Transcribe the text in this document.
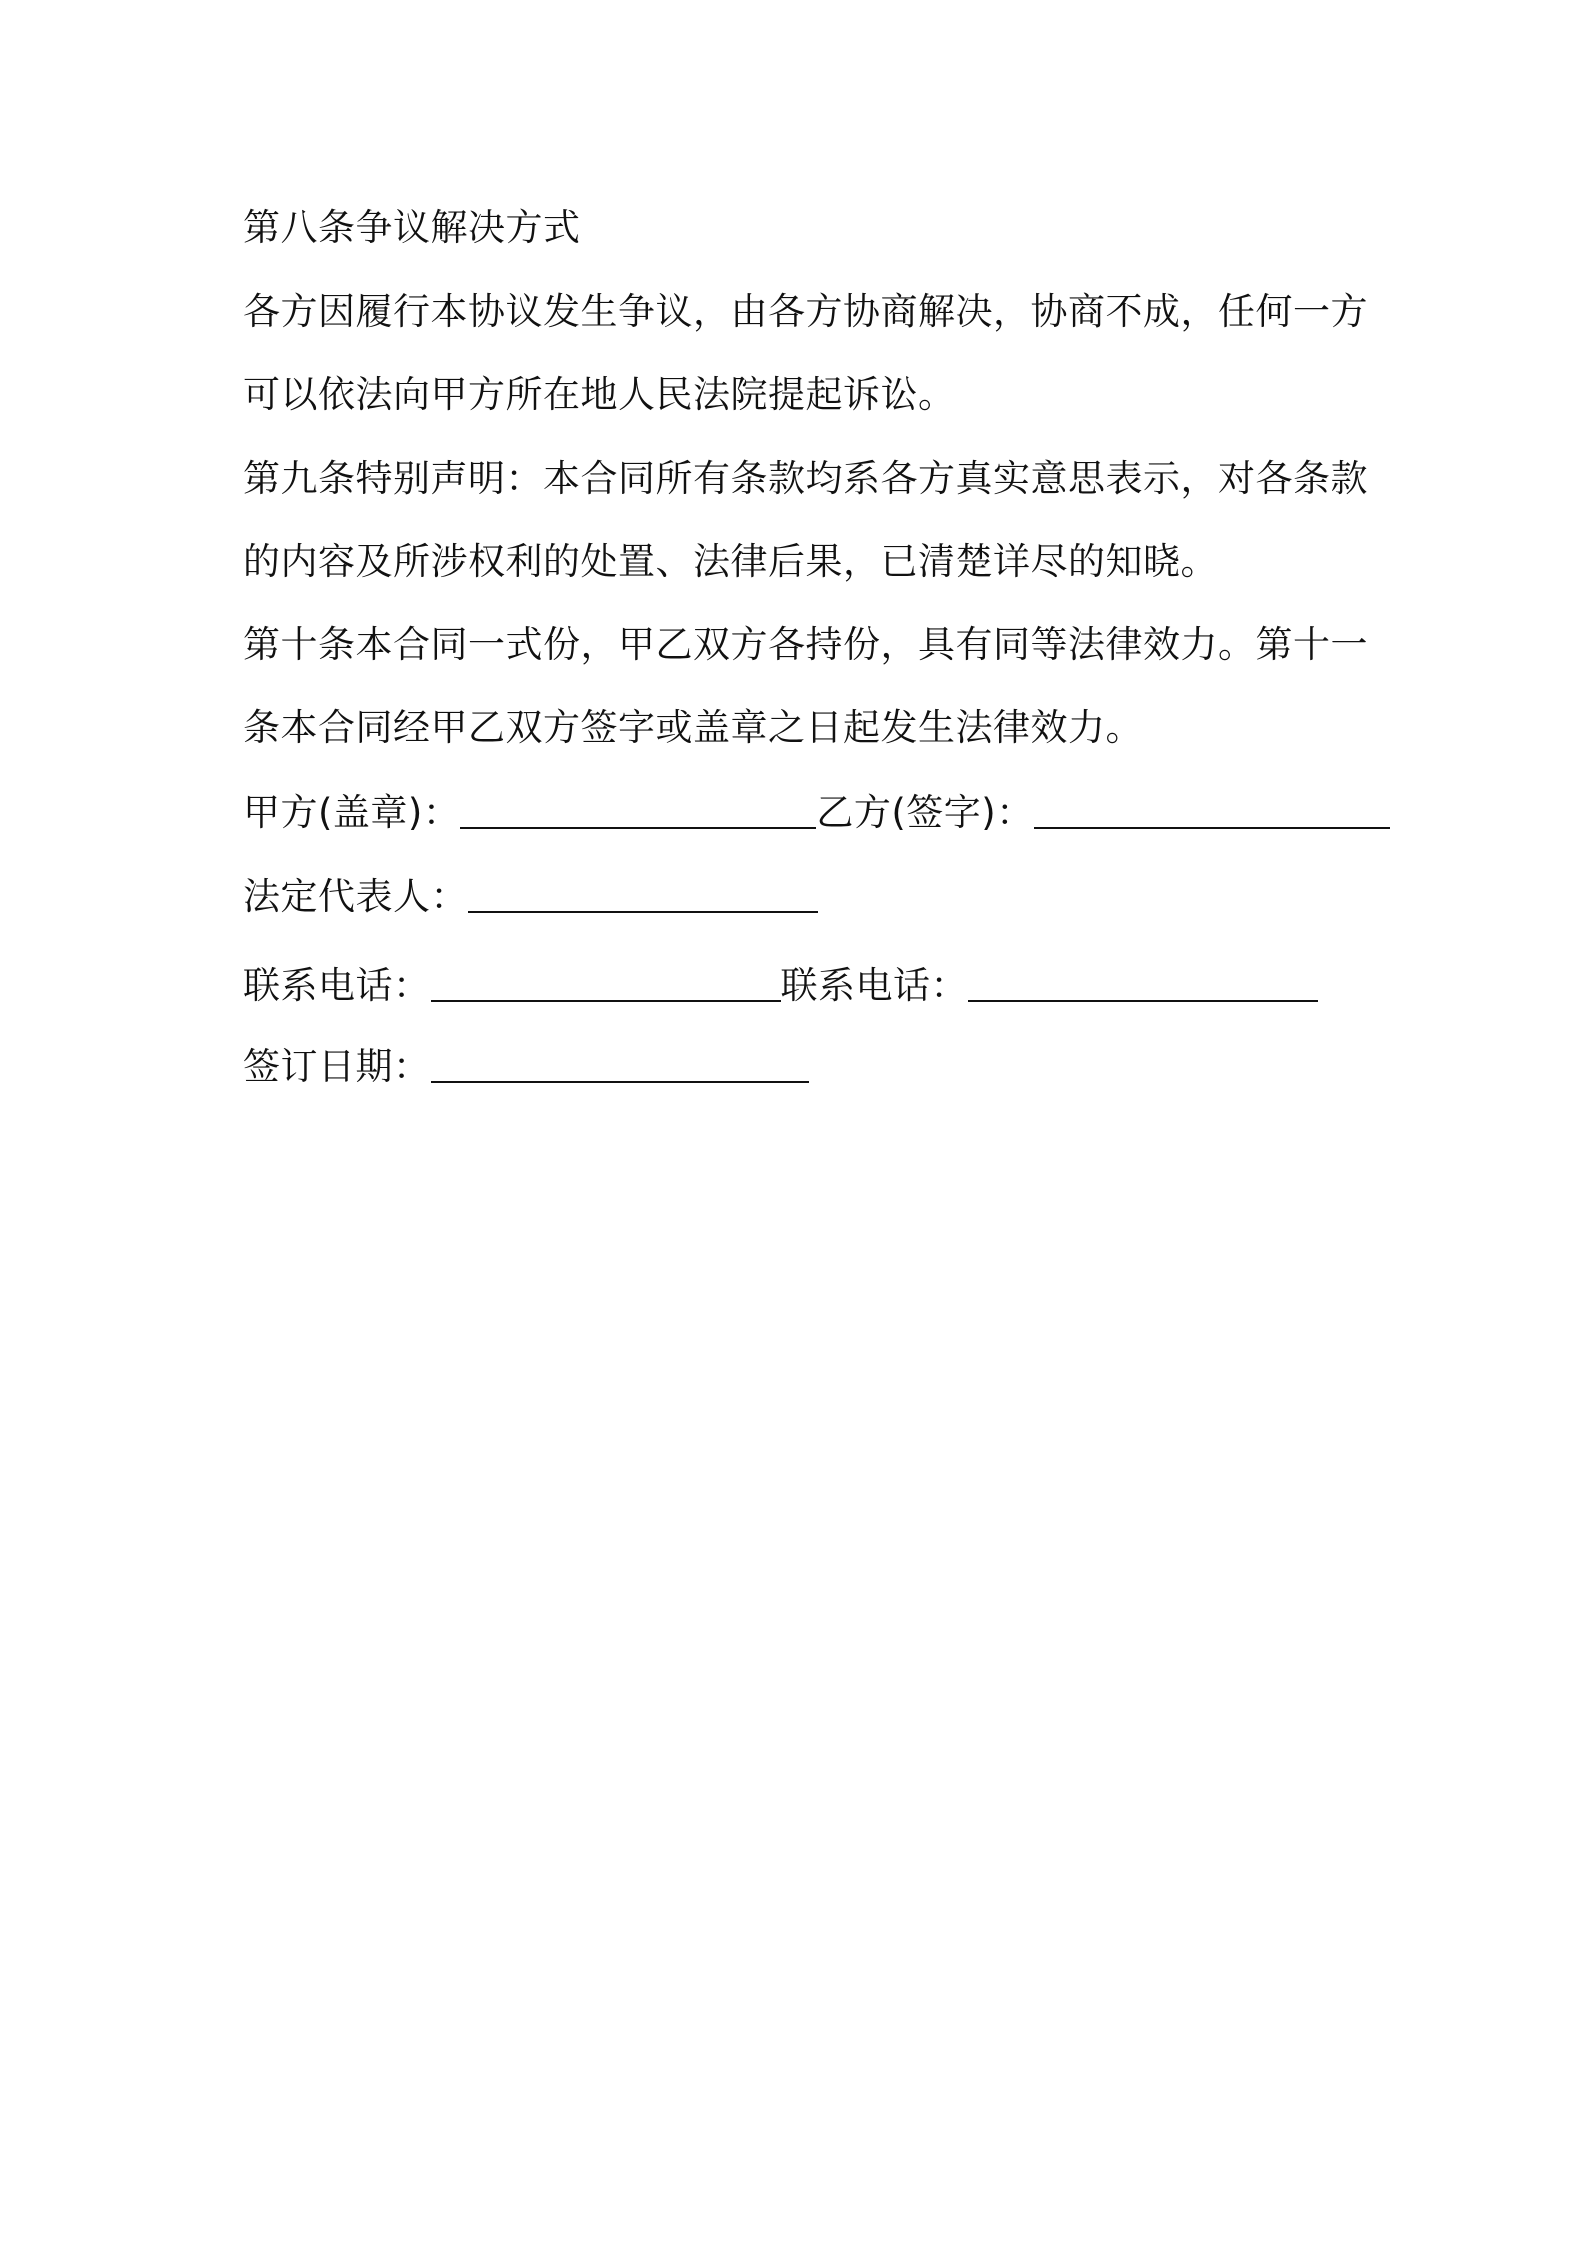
第八条争议解决方式
各方因履行本协议发生争议，由各方协商解决，协商不成，任何一方
可以依法向甲方所在地人民法院提起诉讼。
第九条特别声明：本合同所有条款均系各方真实意思表示，对各条款
的内容及所涉权利的处置、法律后果，已清楚详尽的知晓。
第十条本合同一式份，甲乙双方各持份，具有同等法律效力。第十一
条本合同经甲乙双方签字或盖章之日起发生法律效力。
甲方(盖章)：	乙方(签字)：
法定代表人：
联系电话：	联系电话：
签订日期：
